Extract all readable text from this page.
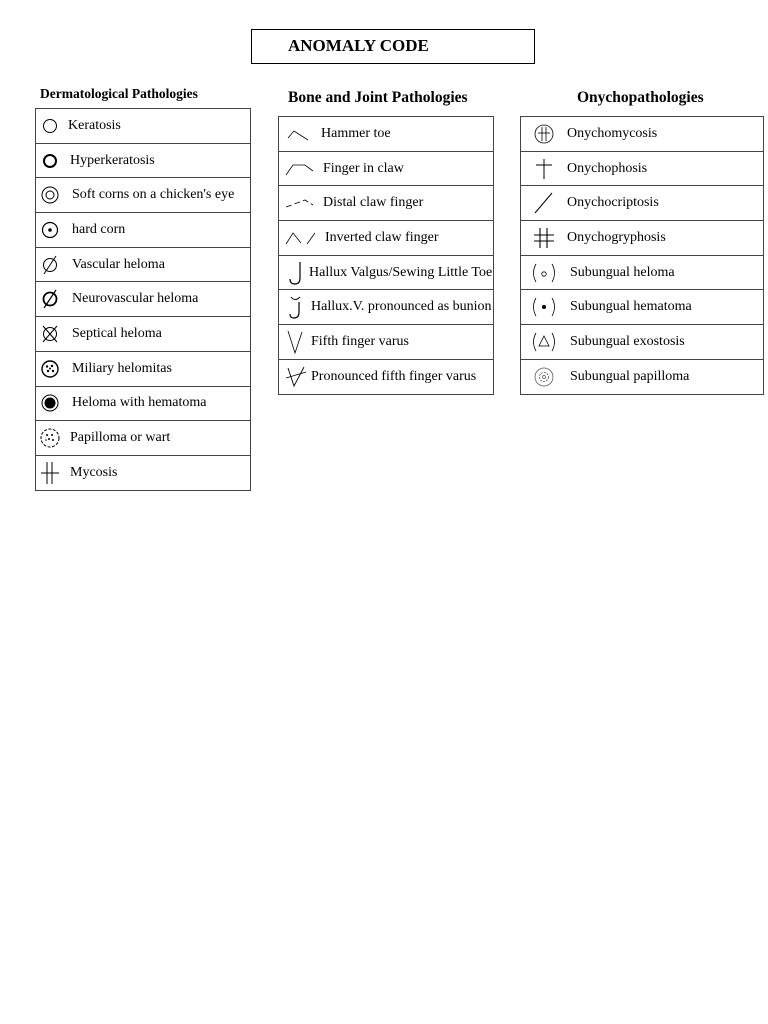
ANOMALY CODE
Dermatological Pathologies
Keratosis

Hyperkeratosis

Soft corns on a chicken's eye

hard corn

Vascular heloma

Neurovascular heloma

Septical heloma

Miliary helomitas

Heloma with hematoma

Papilloma or wart

Mycosis
Bone and Joint Pathologies
Hammer toe

Finger in claw

Distal claw finger

Inverted claw finger

Hallux Valgus/Sewing Little Toe

Hallux.V. pronounced as bunion

Fifth finger varus

Pronounced fifth finger varus
Onychopathologies
Onychomycosis

Onychophosis

Onychocriptosis

Onychogryphosis

Subungual heloma

Subungual hematoma

Subungual exostosis

Subungual papilloma
